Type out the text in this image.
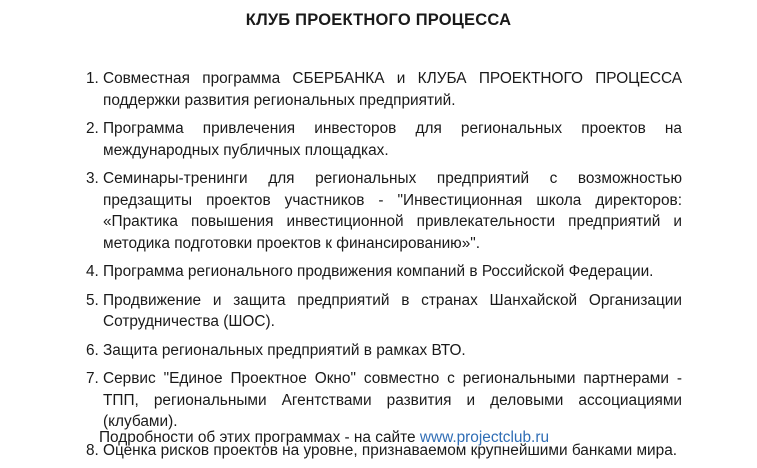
КЛУБ ПРОЕКТНОГО ПРОЦЕССА
1. Совместная программа СБЕРБАНКА и КЛУБА ПРОЕКТНОГО ПРОЦЕССА поддержки развития региональных предприятий.
2. Программа привлечения инвесторов для региональных проектов на международных публичных площадках.
3. Семинары-тренинги для региональных предприятий с возможностью предзащиты проектов участников - "Инвестиционная школа директоров: «Практика повышения инвестиционной привлекательности предприятий и методика подготовки проектов к финансированию»".
4. Программа регионального продвижения компаний в Российской Федерации.
5. Продвижение и защита предприятий в странах Шанхайской Организации Сотрудничества (ШОС).
6. Защита региональных предприятий в рамках ВТО.
7. Сервис "Единое Проектное Окно" совместно с региональными партнерами - ТПП, региональными Агентствами развития и деловыми ассоциациями (клубами).
8. Оценка рисков проектов на уровне, признаваемом крупнейшими банками мира.
Подробности об этих программах - на сайте www.projectclub.ru
